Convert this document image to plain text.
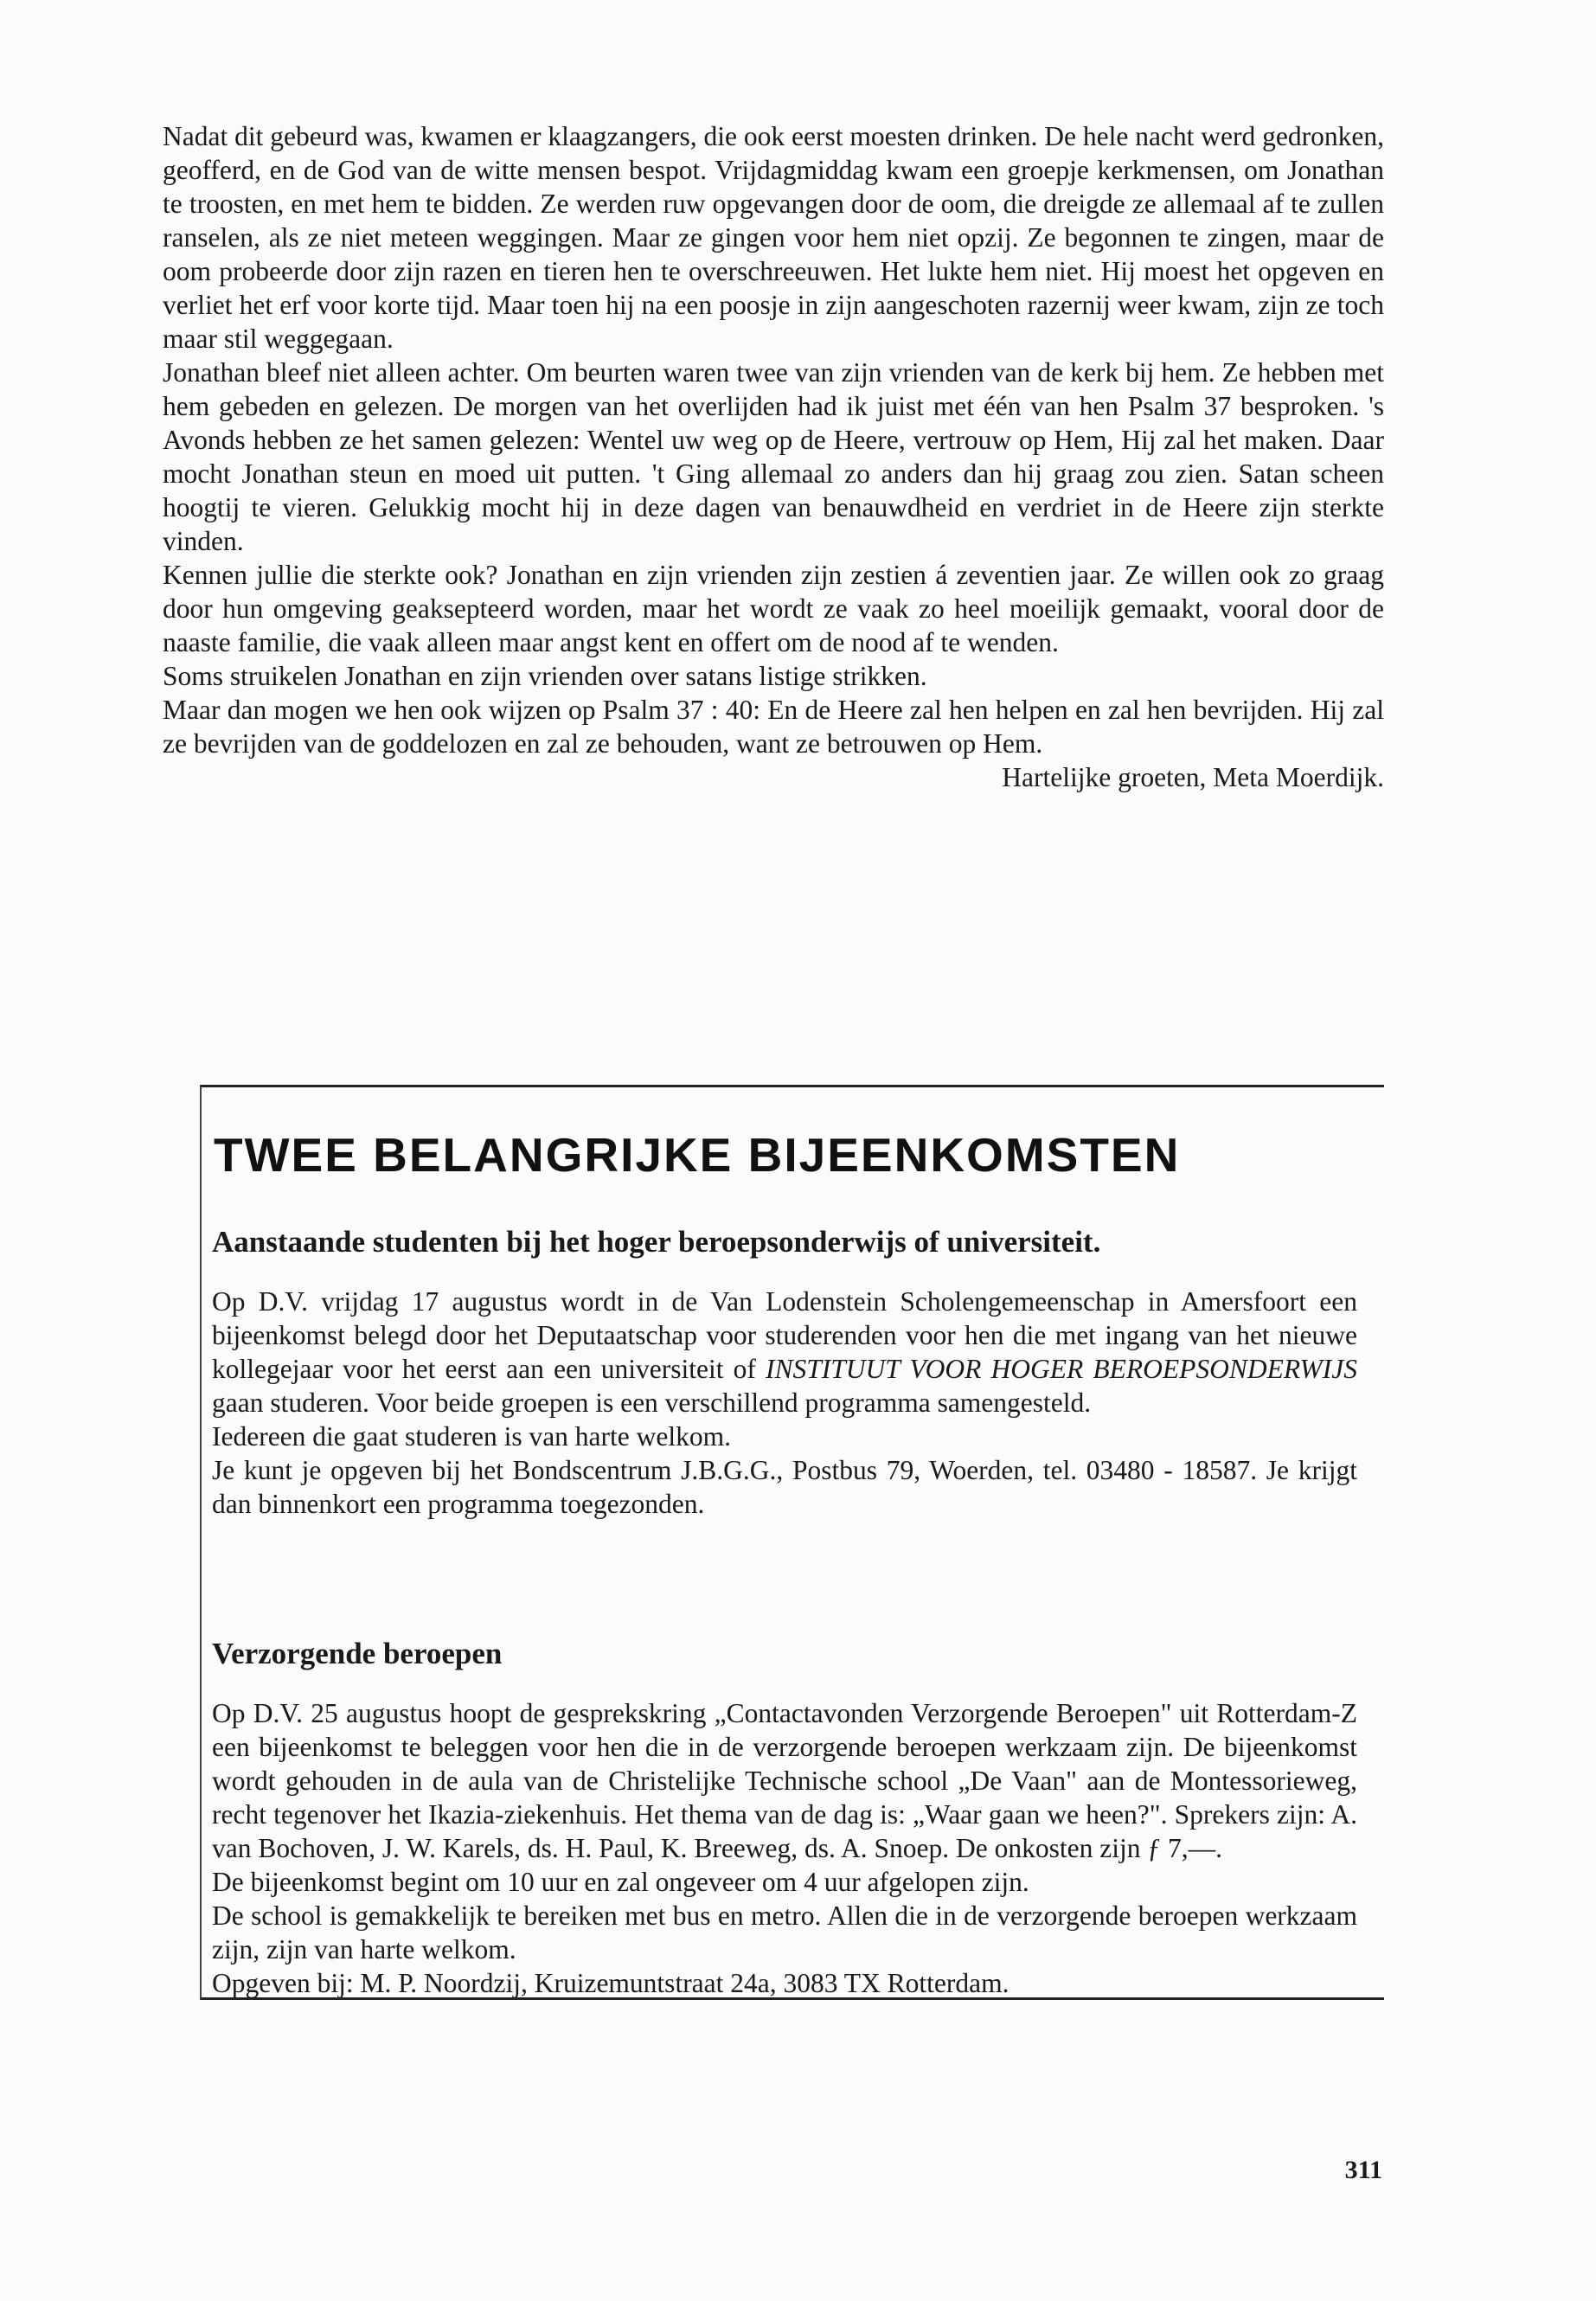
Nadat dit gebeurd was, kwamen er klaagzangers, die ook eerst moesten drinken. De hele nacht werd gedronken, geofferd, en de God van de witte mensen bespot. Vrijdagmiddag kwam een groepje kerkmensen, om Jonathan te troosten, en met hem te bidden. Ze werden ruw opgevangen door de oom, die dreigde ze allemaal af te zullen ranselen, als ze niet meteen weggingen. Maar ze gingen voor hem niet opzij. Ze begonnen te zingen, maar de oom probeerde door zijn razen en tieren hen te overschreeuwen. Het lukte hem niet. Hij moest het opgeven en verliet het erf voor korte tijd. Maar toen hij na een poosje in zijn aangeschoten razernij weer kwam, zijn ze toch maar stil weggegaan.

Jonathan bleef niet alleen achter. Om beurten waren twee van zijn vrienden van de kerk bij hem. Ze hebben met hem gebeden en gelezen. De morgen van het overlijden had ik juist met één van hen Psalm 37 besproken. 's Avonds hebben ze het samen gelezen: Wentel uw weg op de Heere, vertrouw op Hem, Hij zal het maken. Daar mocht Jonathan steun en moed uit putten. 't Ging allemaal zo anders dan hij graag zou zien. Satan scheen hoogtij te vieren. Gelukkig mocht hij in deze dagen van benauwdheid en verdriet in de Heere zijn sterkte vinden.

Kennen jullie die sterkte ook? Jonathan en zijn vrienden zijn zestien á zeventien jaar. Ze willen ook zo graag door hun omgeving geaksepteerd worden, maar het wordt ze vaak zo heel moeilijk gemaakt, vooral door de naaste familie, die vaak alleen maar angst kent en offert om de nood af te wenden.

Soms struikelen Jonathan en zijn vrienden over satans listige strikken.

Maar dan mogen we hen ook wijzen op Psalm 37 : 40: En de Heere zal hen helpen en zal hen bevrijden. Hij zal ze bevrijden van de goddelozen en zal ze behouden, want ze betrouwen op Hem.

Hartelijke groeten, Meta Moerdijk.

TWEE BELANGRIJKE BIJEENKOMSTEN
Aanstaande studenten bij het hoger beroepsonderwijs of universiteit.

Op D.V. vrijdag 17 augustus wordt in de Van Lodenstein Scholengemeenschap in Amersfoort een bijeenkomst belegd door het Deputaatschap voor studerenden voor hen die met ingang van het nieuwe kollegejaar voor het eerst aan een universiteit of INSTITUUT VOOR HOGER BEROEPSONDERWIJS gaan studeren. Voor beide groepen is een verschillend programma samengesteld.

Iedereen die gaat studeren is van harte welkom.

Je kunt je opgeven bij het Bondscentrum J.B.G.G., Postbus 79, Woerden, tel. 03480 - 18587. Je krijgt dan binnenkort een programma toegezonden.

Verzorgende beroepen

Op D.V. 25 augustus hoopt de gesprekskring „Contactavonden Verzorgende Beroepen" uit Rotterdam-Z een bijeenkomst te beleggen voor hen die in de verzorgende beroepen werkzaam zijn. De bijeenkomst wordt gehouden in de aula van de Christelijke Technische school „De Vaan" aan de Montessorieweg, recht tegenover het Ikazia-ziekenhuis. Het thema van de dag is: „Waar gaan we heen?". Sprekers zijn: A. van Bochoven, J. W. Karels, ds. H. Paul, K. Breeweg, ds. A. Snoep. De onkosten zijn ƒ 7,—.

De bijeenkomst begint om 10 uur en zal ongeveer om 4 uur afgelopen zijn.

De school is gemakkelijk te bereiken met bus en metro. Allen die in de verzorgende beroepen werkzaam zijn, zijn van harte welkom.

Opgeven bij: M. P. Noordzij, Kruizemuntstraat 24a, 3083 TX Rotterdam.

311
